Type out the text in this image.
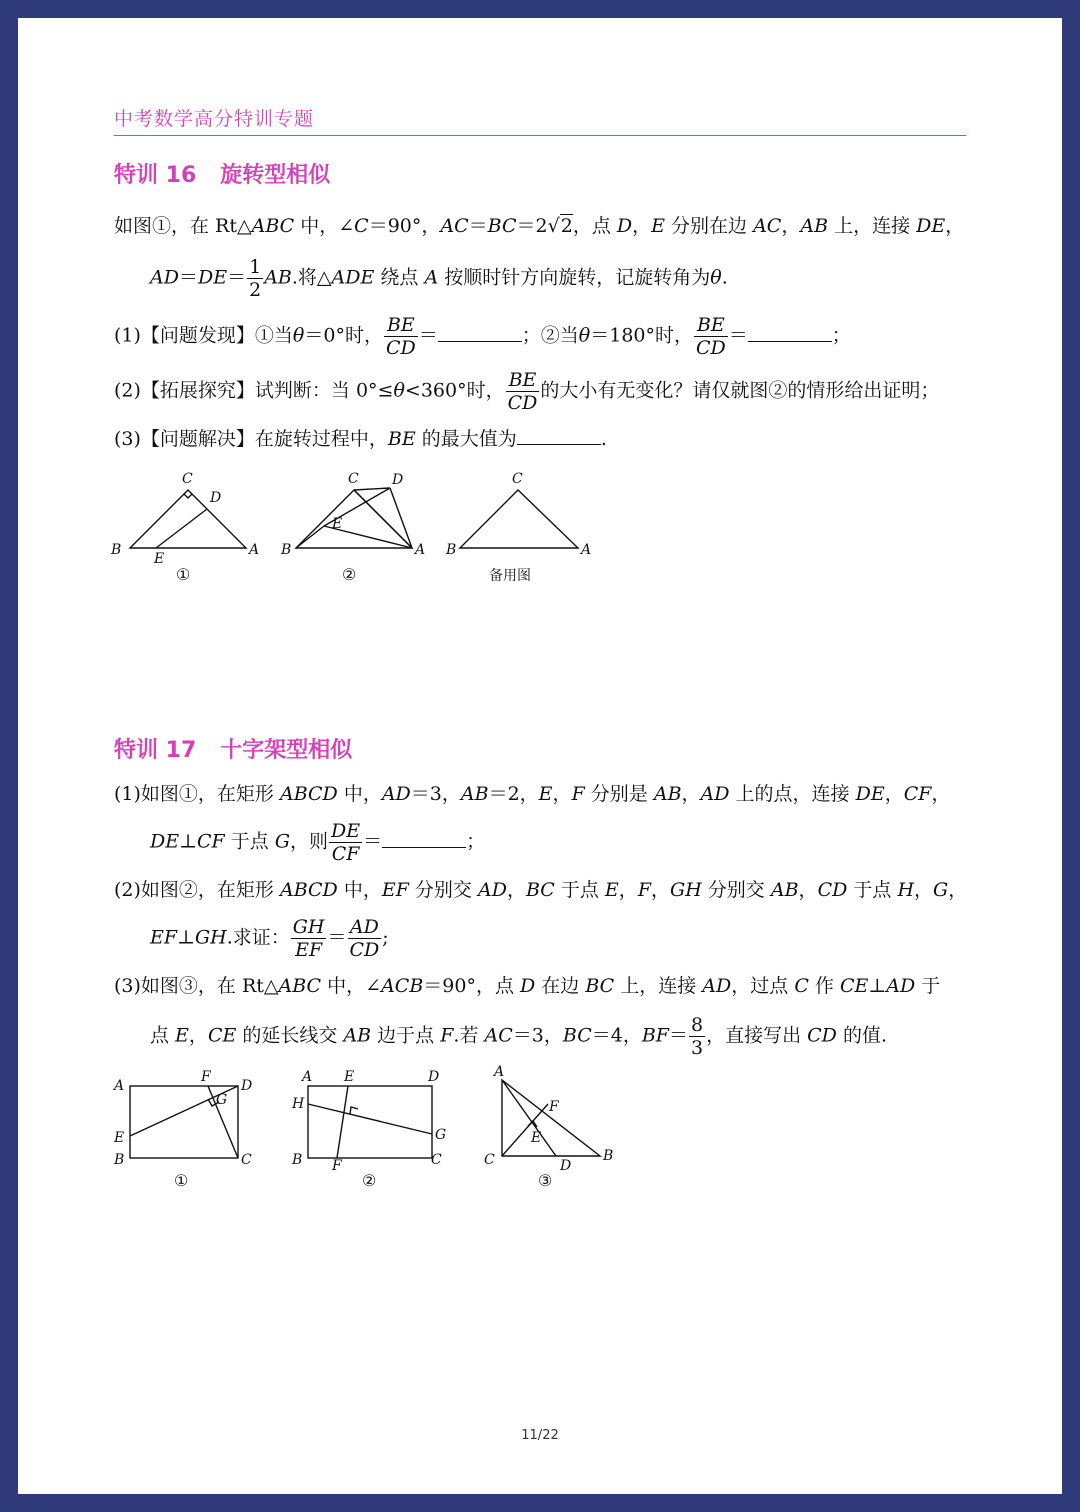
中考数学高分特训专题
特训 16 旋转型相似
如图①，在 Rt△ABC 中，∠C＝90°，AC＝BC＝2√2，点 D，E 分别在边 AC，AB 上，连接 DE，
$AD=DE= \frac{1}{2}$ AB.将△ADE 绕点 A 按顺时针方向旋转，记旋转角为θ.
(1)【问题发现】①当θ＝0°时， $\frac{BE}{CD}$ ＝	；②当θ＝180°时， $\frac{BE}{CD}$ ＝	；
(2)【拓展探究】试判断：当 0°≤θ<360°时， $\frac{BE}{CD}$ 的大小有无变化？请仅就图②的情形给出证明；
(3)【问题解决】在旋转过程中，BE 的最大值为	.
B
C
D
E
A
①
B
C D
E
A
②
B
C
A
备用图
特训 17 十字架型相似
(1)如图①，在矩形 ABCD 中，AD＝3，AB＝2，E，F 分别是 AB，AD 上的点，连接 DE，CF，
DE⊥CF 于点 G，则 $\frac{DE}{CF}$ ＝	；
(2)如图②，在矩形 ABCD 中，EF 分别交 AD，BC 于点 E，F，GH 分别交 AB，CD 于点 H，G，
EF⊥GH.求证： $\frac{GH}{EF} = \frac{AD}{CD}$ ;
(3)如图③，在 Rt△ABC 中，∠ACB＝90°，点 D 在边 BC 上，连接 AD，过点 C 作 CE⊥AD 于
点 E，CE 的延长线交 AB 边于点 F.若 AC＝3，BC＝4，$BF= \frac{8}{3}$ ，直接写出 CD 的值.
A
F
D
G
E
B	C
①
A E	D
H
G
B F	C
②
A
F
E
C	D
B
③
11/22
